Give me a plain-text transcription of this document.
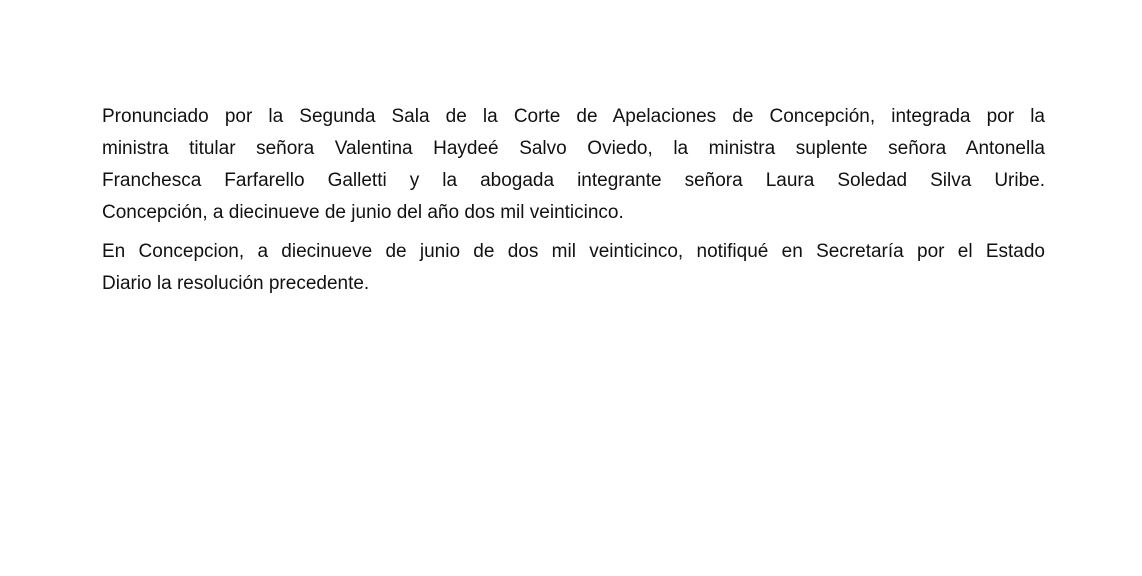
Pronunciado por la Segunda Sala de la Corte de Apelaciones de Concepción, integrada por la
ministra titular señora Valentina Haydeé Salvo Oviedo, la ministra suplente señora Antonella
Franchesca Farfarello Galletti y la abogada integrante señora Laura Soledad Silva Uribe.
Concepción, a diecinueve de junio del año dos mil veinticinco.
En Concepcion, a diecinueve de junio de dos mil veinticinco, notifiqué en Secretaría por el Estado
Diario la resolución precedente.
